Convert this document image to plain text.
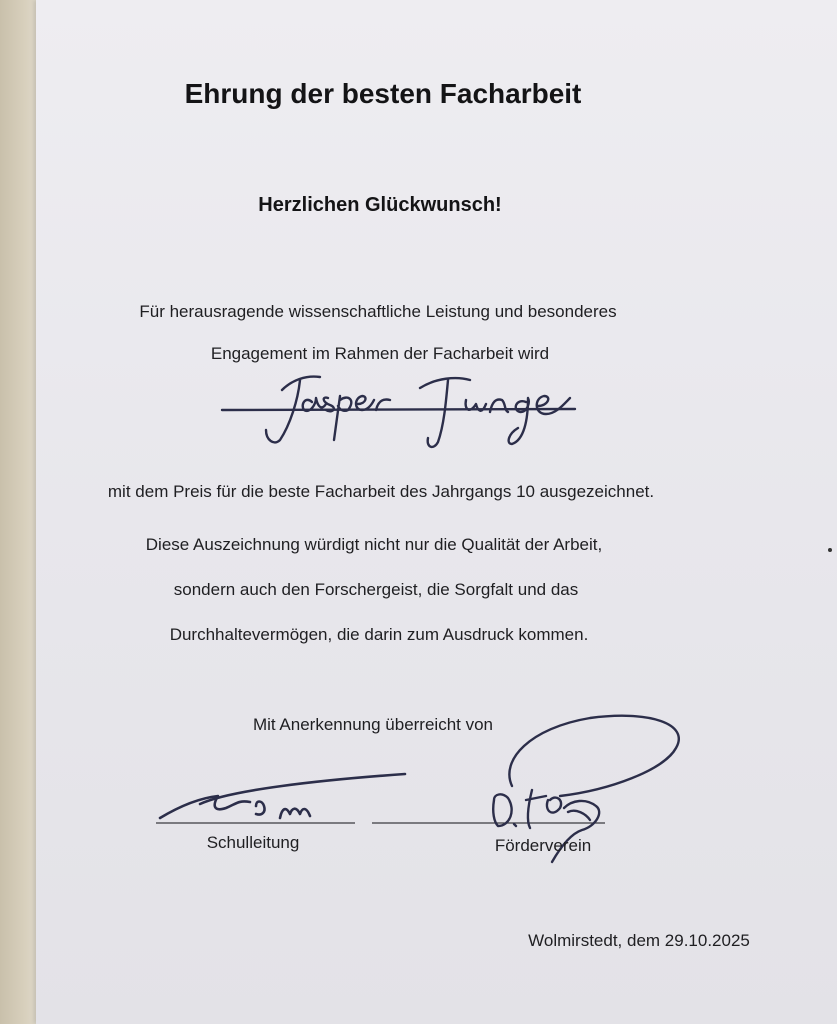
Ehrung der besten Facharbeit
Herzlichen Glückwunsch!
Für herausragende wissenschaftliche Leistung und besonderes
Engagement im Rahmen der Facharbeit wird
mit dem Preis für die beste Facharbeit des Jahrgangs 10 ausgezeichnet.
Diese Auszeichnung würdigt nicht nur die Qualität der Arbeit,
sondern auch den Forschergeist, die Sorgfalt und das
Durchhaltevermögen, die darin zum Ausdruck kommen.
Mit Anerkennung überreicht von
Schulleitung	Förderverein
Wolmirstedt, dem 29.10.2025
